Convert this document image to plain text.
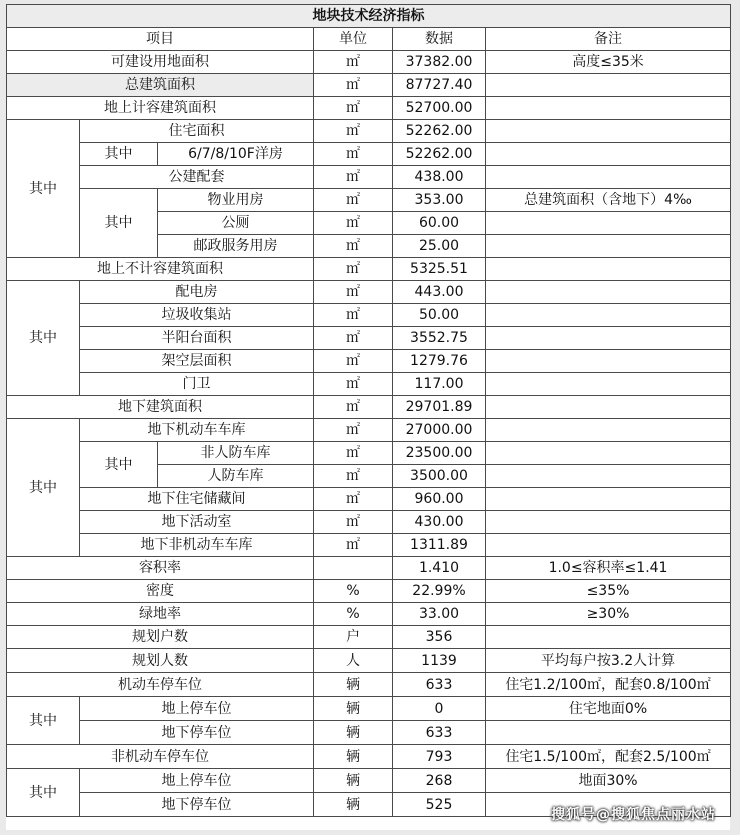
地块技术经济指标					
项目			单位	数据	备注
可建设用地面积			㎡	37382.00	高度≤35米
总建筑面积			㎡	87727.40	
地上计容建筑面积			㎡	52700.00	
其中	住宅面积		㎡	52262.00	
	其中	6/7/8/10F洋房	㎡	52262.00	
	公建配套		㎡	438.00	
	其中	物业用房	㎡	353.00	总建筑面积（含地下）4‰
		公厕	㎡	60.00	
		邮政服务用房	㎡	25.00	
地上不计容建筑面积			㎡	5325.51	
其中	配电房		㎡	443.00	
	垃圾收集站		㎡	50.00	
	半阳台面积		㎡	3552.75	
	架空层面积		㎡	1279.76	
	门卫		㎡	117.00	
地下建筑面积			㎡	29701.89	
其中	地下机动车车库		㎡	27000.00	
	其中	非人防车库	㎡	23500.00	
		人防车库	㎡	3500.00	
	地下住宅储藏间		㎡	960.00	
	地下活动室		㎡	430.00	
	地下非机动车车库		㎡	1311.89	
容积率				1.410	1.0≤容积率≤1.41
密度			%	22.99%	≤35%
绿地率			%	33.00	≥30%
规划户数			户	356	
规划人数			人	1139	平均每户按3.2人计算
机动车停车位			辆	633	住宅1.2/100㎡，配套0.8/100㎡
其中	地上停车位		辆	0	住宅地面0%
	地下停车位		辆	633	
非机动车停车位			辆	793	住宅1.5/100㎡，配套2.5/100㎡
其中	地上停车位		辆	268	地面30%
	地下停车位		辆	525	
搜狐号@搜狐焦点丽水站
